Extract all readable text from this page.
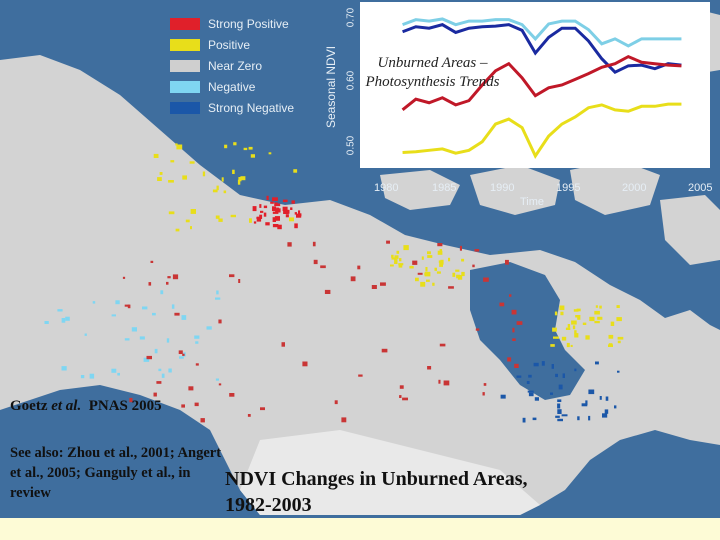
Strong Positive
Positive
Near Zero
Negative
Strong Negative Seasonal NDVI	Unburned Areas – Photosynthesis Trends
0.50
0.60
0.70
1980	1985	1990	1995	2000	2005
Time
Goetz et al. PNAS 2005
See also: Zhou et al., 2001; Angert et al., 2005; Ganguly et al., in review
NDVI Changes in Unburned Areas, 1982-2003
